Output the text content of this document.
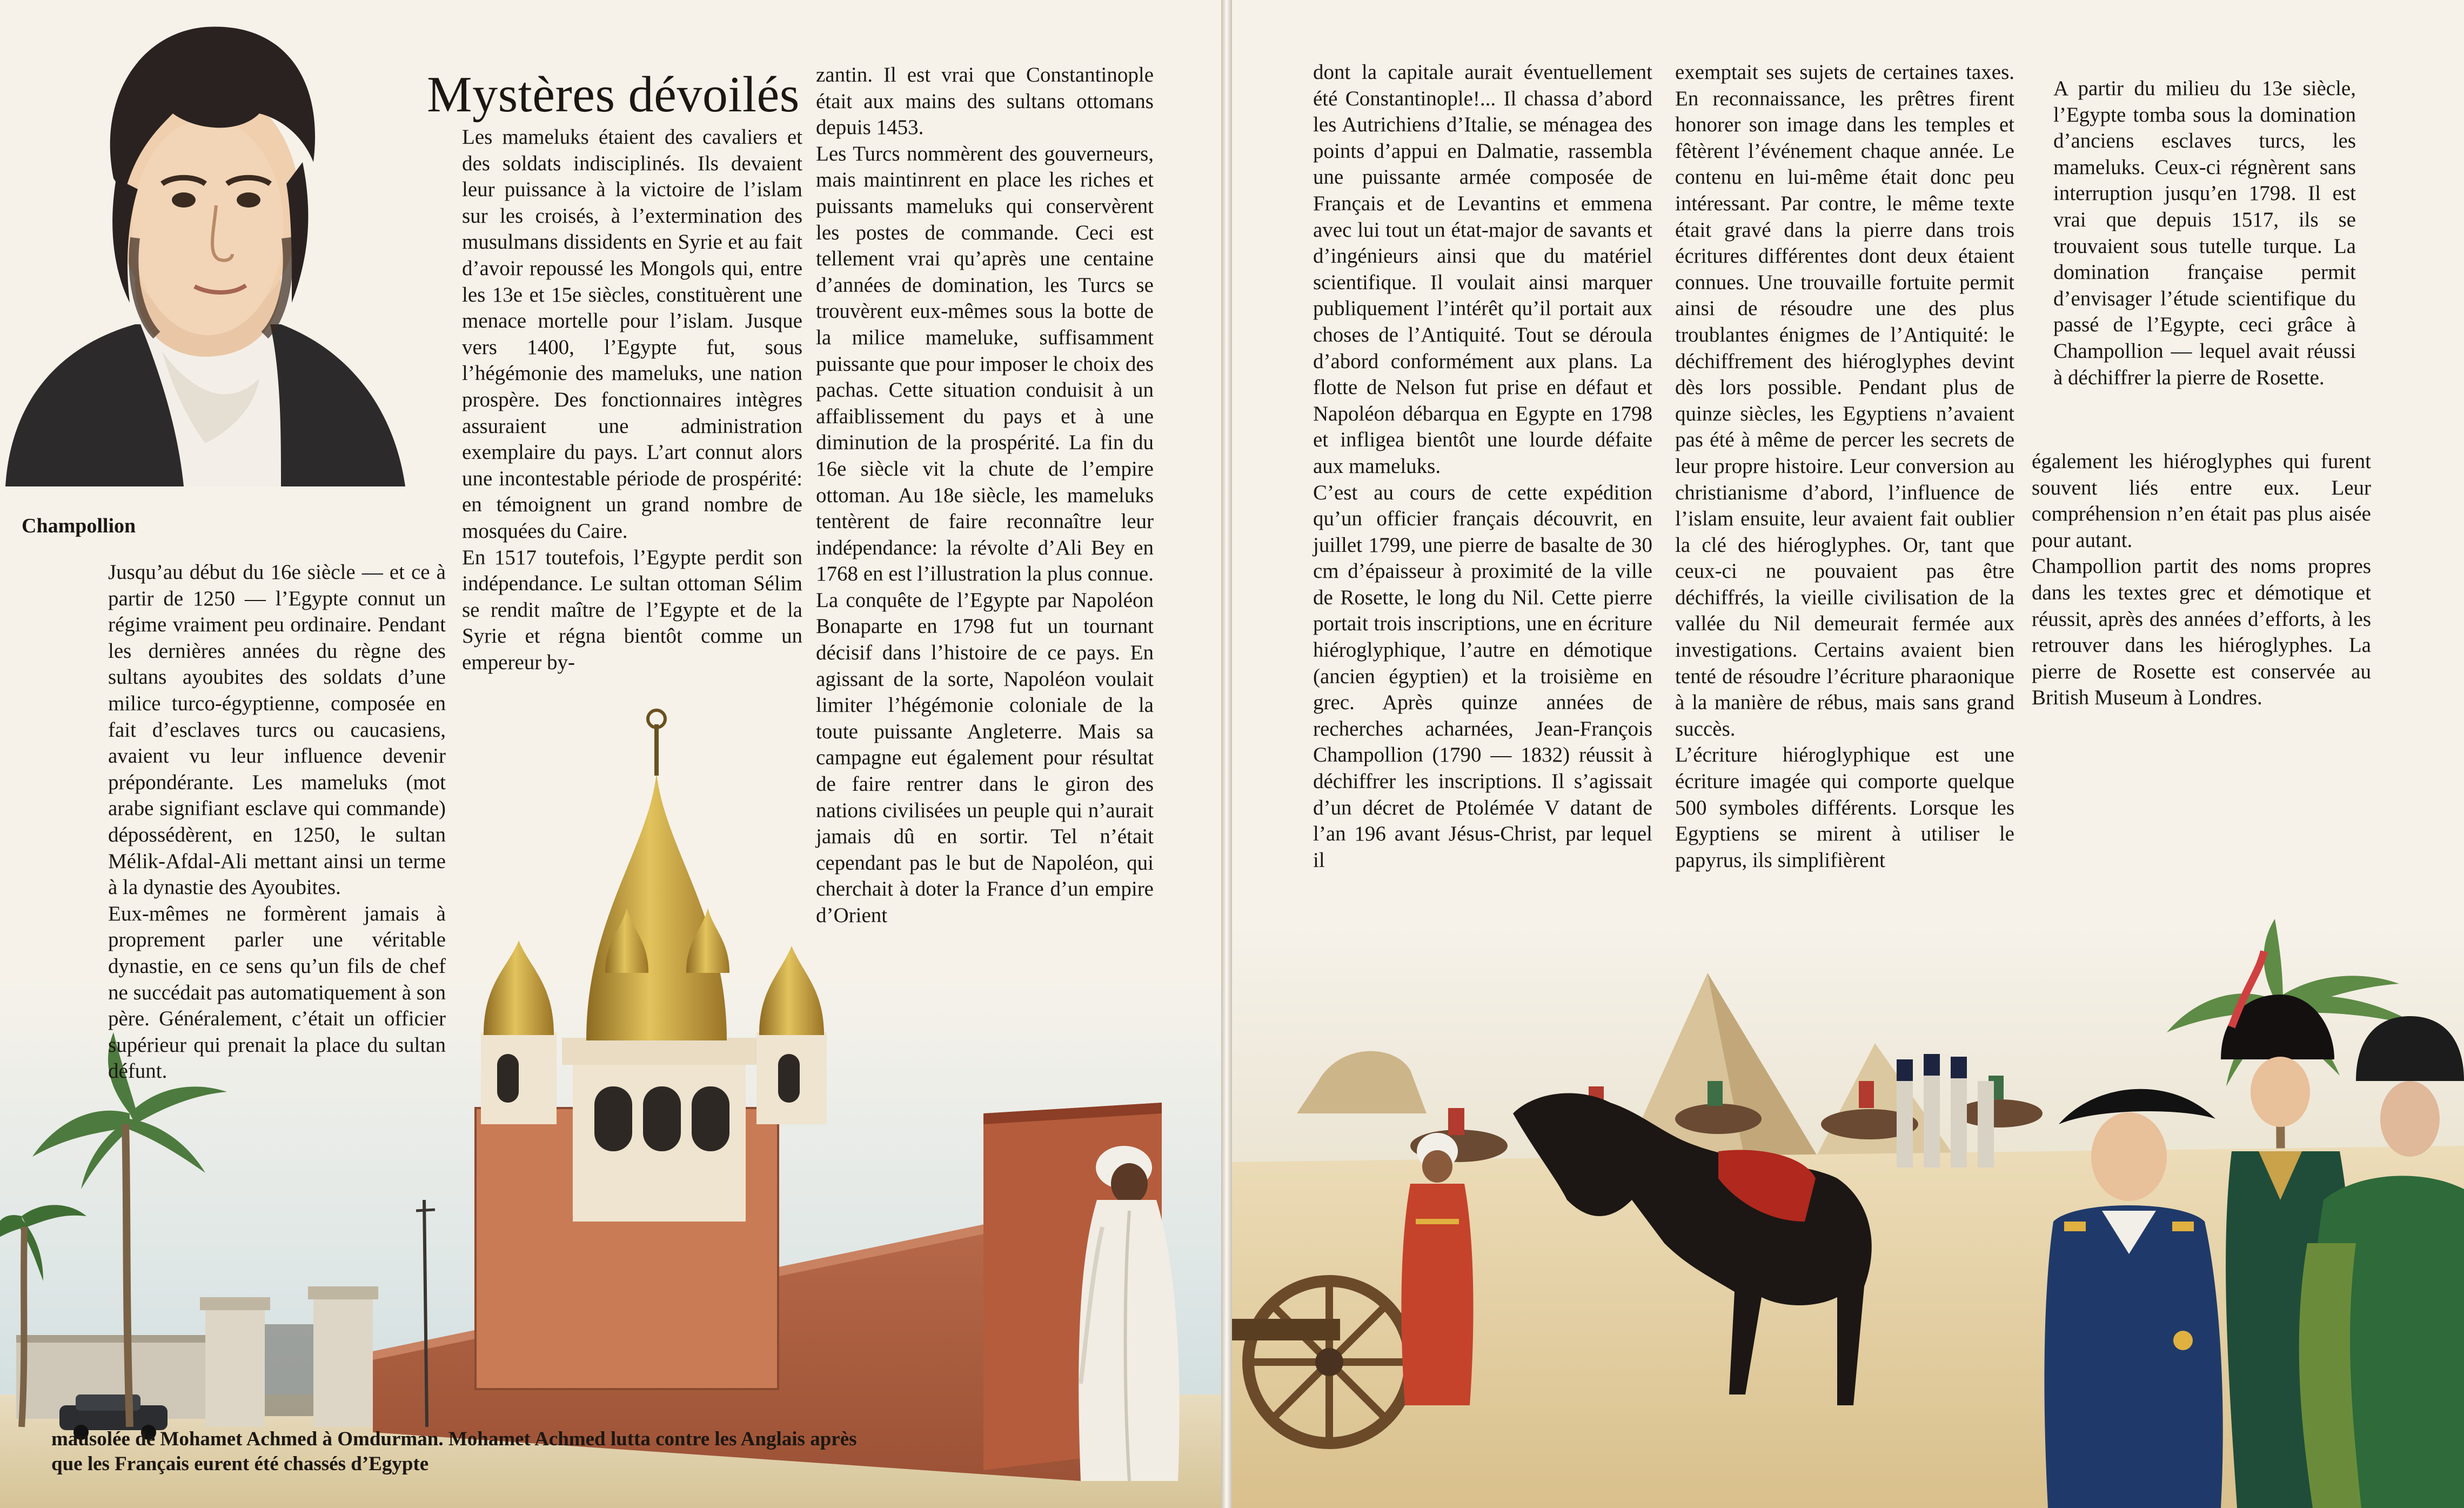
Champollion
Mystères dévoilés

Jusqu’au début du 16e siècle — et ce à partir de 1250 — l’Egypte connut un régime vraiment peu ordinaire. Pendant les dernières années du règne des sultans ayoubites des soldats d’une milice turco-égyptienne, composée en fait d’esclaves turcs ou caucasiens, avaient vu leur influence devenir prépondérante. Les mameluks (mot arabe signifiant esclave qui commande) dépossédèrent, en 1250, le sultan Mélik-Afdal-Ali mettant ainsi un terme à la dynastie des Ayoubites.

Eux-mêmes ne formèrent jamais à proprement parler une véritable dynastie, en ce sens qu’un fils de chef ne succédait pas automatiquement à son père. Généralement, c’était un officier supérieur qui prenait la place du sultan défunt.

Les mameluks étaient des cavaliers et des soldats indisciplinés. Ils devaient leur puissance à la victoire de l’islam sur les croisés, à l’extermination des musulmans dissidents en Syrie et au fait d’avoir repoussé les Mongols qui, entre les 13e et 15e siècles, constituèrent une menace mortelle pour l’islam. Jusque vers 1400, l’Egypte fut, sous l’hégémonie des mameluks, une nation prospère. Des fonctionnaires intègres assuraient une administration exemplaire du pays. L’art connut alors une incontestable période de prospérité: en témoignent un grand nombre de mosquées du Caire.

En 1517 toutefois, l’Egypte perdit son indépendance. Le sultan ottoman Sélim se rendit maître de l’Egypte et de la Syrie et régna bientôt comme un empereur by-

zantin. Il est vrai que Constantinople était aux mains des sultans ottomans depuis 1453.

Les Turcs nommèrent des gouverneurs, mais maintinrent en place les riches et puissants mameluks qui conservèrent les postes de commande. Ceci est tellement vrai qu’après une centaine d’années de domination, les Turcs se trouvèrent eux-mêmes sous la botte de la milice mameluke, suffisamment puissante que pour imposer le choix des pachas. Cette situation conduisit à un affaiblissement du pays et à une diminution de la prospérité. La fin du 16e siècle vit la chute de l’empire ottoman. Au 18e siècle, les mameluks tentèrent de faire reconnaître leur indépendance: la révolte d’Ali Bey en 1768 en est l’illustration la plus connue.

La conquête de l’Egypte par Napoléon Bonaparte en 1798 fut un tournant décisif dans l’histoire de ce pays. En agissant de la sorte, Napoléon voulait limiter l’hégémonie coloniale de la toute puissante Angleterre. Mais sa campagne eut également pour résultat de faire rentrer dans le giron des nations civilisées un peuple qui n’aurait jamais dû en sortir. Tel n’était cependant pas le but de Napoléon, qui cherchait à doter la France d’un empire d’Orient

mausolée de Mohamet Achmed à Omdurman. Mohamet Achmed lutta contre les Anglais après que les Français eurent été chassés d’Egypte

dont la capitale aurait éventuellement été Constantinople!... Il chassa d’abord les Autrichiens d’Italie, se ménagea des points d’appui en Dalmatie, rassembla une puissante armée composée de Français et de Levantins et emmena avec lui tout un état-major de savants et d’ingénieurs ainsi que du matériel scientifique. Il voulait ainsi marquer publiquement l’intérêt qu’il portait aux choses de l’Antiquité. Tout se déroula d’abord conformément aux plans. La flotte de Nelson fut prise en défaut et Napoléon débarqua en Egypte en 1798 et infligea bientôt une lourde défaite aux mameluks.

C’est au cours de cette expédition qu’un officier français découvrit, en juillet 1799, une pierre de basalte de 30 cm d’épaisseur à proximité de la ville de Rosette, le long du Nil. Cette pierre portait trois inscriptions, une en écriture hiéroglyphique, l’autre en démotique (ancien égyptien) et la troisième en grec. Après quinze années de recherches acharnées, Jean-François Champollion (1790 — 1832) réussit à déchiffrer les inscriptions. Il s’agissait d’un décret de Ptolémée V datant de l’an 196 avant Jésus-Christ, par lequel il

exemptait ses sujets de certaines taxes. En reconnaissance, les prêtres firent honorer son image dans les temples et fêtèrent l’événement chaque année. Le contenu en lui-même était donc peu intéressant. Par contre, le même texte était gravé dans la pierre dans trois écritures différentes dont deux étaient connues. Une trouvaille fortuite permit ainsi de résoudre une des plus troublantes énigmes de l’Antiquité: le déchiffrement des hiéroglyphes devint dès lors possible. Pendant plus de quinze siècles, les Egyptiens n’avaient pas été à même de percer les secrets de leur propre histoire. Leur conversion au christianisme d’abord, l’influence de l’islam ensuite, leur avaient fait oublier la clé des hiéroglyphes. Or, tant que ceux-ci ne pouvaient pas être déchiffrés, la vieille civilisation de la vallée du Nil demeurait fermée aux investigations. Certains avaient bien tenté de résoudre l’écriture pharaonique à la manière de rébus, mais sans grand succès.

L’écriture hiéroglyphique est une écriture imagée qui comporte quelque 500 symboles différents. Lorsque les Egyptiens se mirent à utiliser le papyrus, ils simplifièrent

A partir du milieu du 13e siècle, l’Egypte tomba sous la domination d’anciens esclaves turcs, les mameluks. Ceux-ci régnèrent sans interruption jusqu’en 1798. Il est vrai que depuis 1517, ils se trouvaient sous tutelle turque. La domination française permit d’envisager l’étude scientifique du passé de l’Egypte, ceci grâce à Champollion — lequel avait réussi à déchiffrer la pierre de Rosette.

également les hiéroglyphes qui furent souvent liés entre eux. Leur compréhension n’en était pas plus aisée pour autant.

Champollion partit des noms propres dans les textes grec et démotique et réussit, après des années d’efforts, à les retrouver dans les hiéroglyphes. La pierre de Rosette est conservée au British Museum à Londres.
